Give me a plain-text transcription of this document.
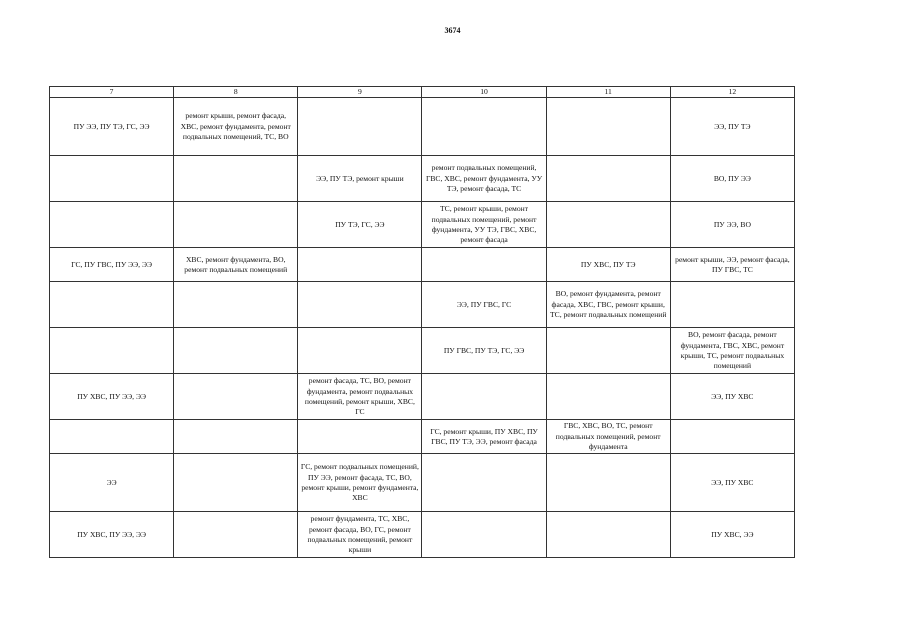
3674
7	8	9	10	11	12
ПУ ЭЭ, ПУ ТЭ, ГС, ЭЭ	ремонт крыши, ремонт фасада, ХВС, ремонт фундамента, ремонт подвальных помещений, ТС, ВО				ЭЭ, ПУ ТЭ
		ЭЭ, ПУ ТЭ, ремонт крыши	ремонт подвальных помещений, ГВС, ХВС, ремонт фундамента, УУ ТЭ, ремонт фасада, ТС		ВО, ПУ ЭЭ
		ПУ ТЭ, ГС, ЭЭ	ТС, ремонт крыши, ремонт подвальных помещений, ремонт фундамента, УУ ТЭ, ГВС, ХВС, ремонт фасада		ПУ ЭЭ, ВО
ГС, ПУ ГВС, ПУ ЭЭ, ЭЭ	ХВС, ремонт фундамента, ВО, ремонт подвальных помещений			ПУ ХВС, ПУ ТЭ	ремонт крыши, ЭЭ, ремонт фасада, ПУ ГВС, ТС
			ЭЭ, ПУ ГВС, ГС	ВО, ремонт фундамента, ремонт фасада, ХВС, ГВС, ремонт крыши, ТС, ремонт подвальных помещений	
			ПУ ГВС, ПУ ТЭ, ГС, ЭЭ		ВО, ремонт фасада, ремонт фундамента, ГВС, ХВС, ремонт крыши, ТС, ремонт подвальных помещений
ПУ ХВС, ПУ ЭЭ, ЭЭ		ремонт фасада, ТС, ВО, ремонт фундамента, ремонт подвальных помещений, ремонт крыши, ХВС, ГС			ЭЭ, ПУ ХВС
			ГС, ремонт крыши, ПУ ХВС, ПУ ГВС, ПУ ТЭ, ЭЭ, ремонт фасада	ГВС, ХВС, ВО, ТС, ремонт подвальных помещений, ремонт фундамента	
ЭЭ		ГС, ремонт подвальных помещений, ПУ ЭЭ, ремонт фасада, ТС, ВО, ремонт крыши, ремонт фундамента, ХВС			ЭЭ, ПУ ХВС
ПУ ХВС, ПУ ЭЭ, ЭЭ		ремонт фундамента, ТС, ХВС, ремонт фасада, ВО, ГС, ремонт подвальных помещений, ремонт крыши			ПУ ХВС, ЭЭ
